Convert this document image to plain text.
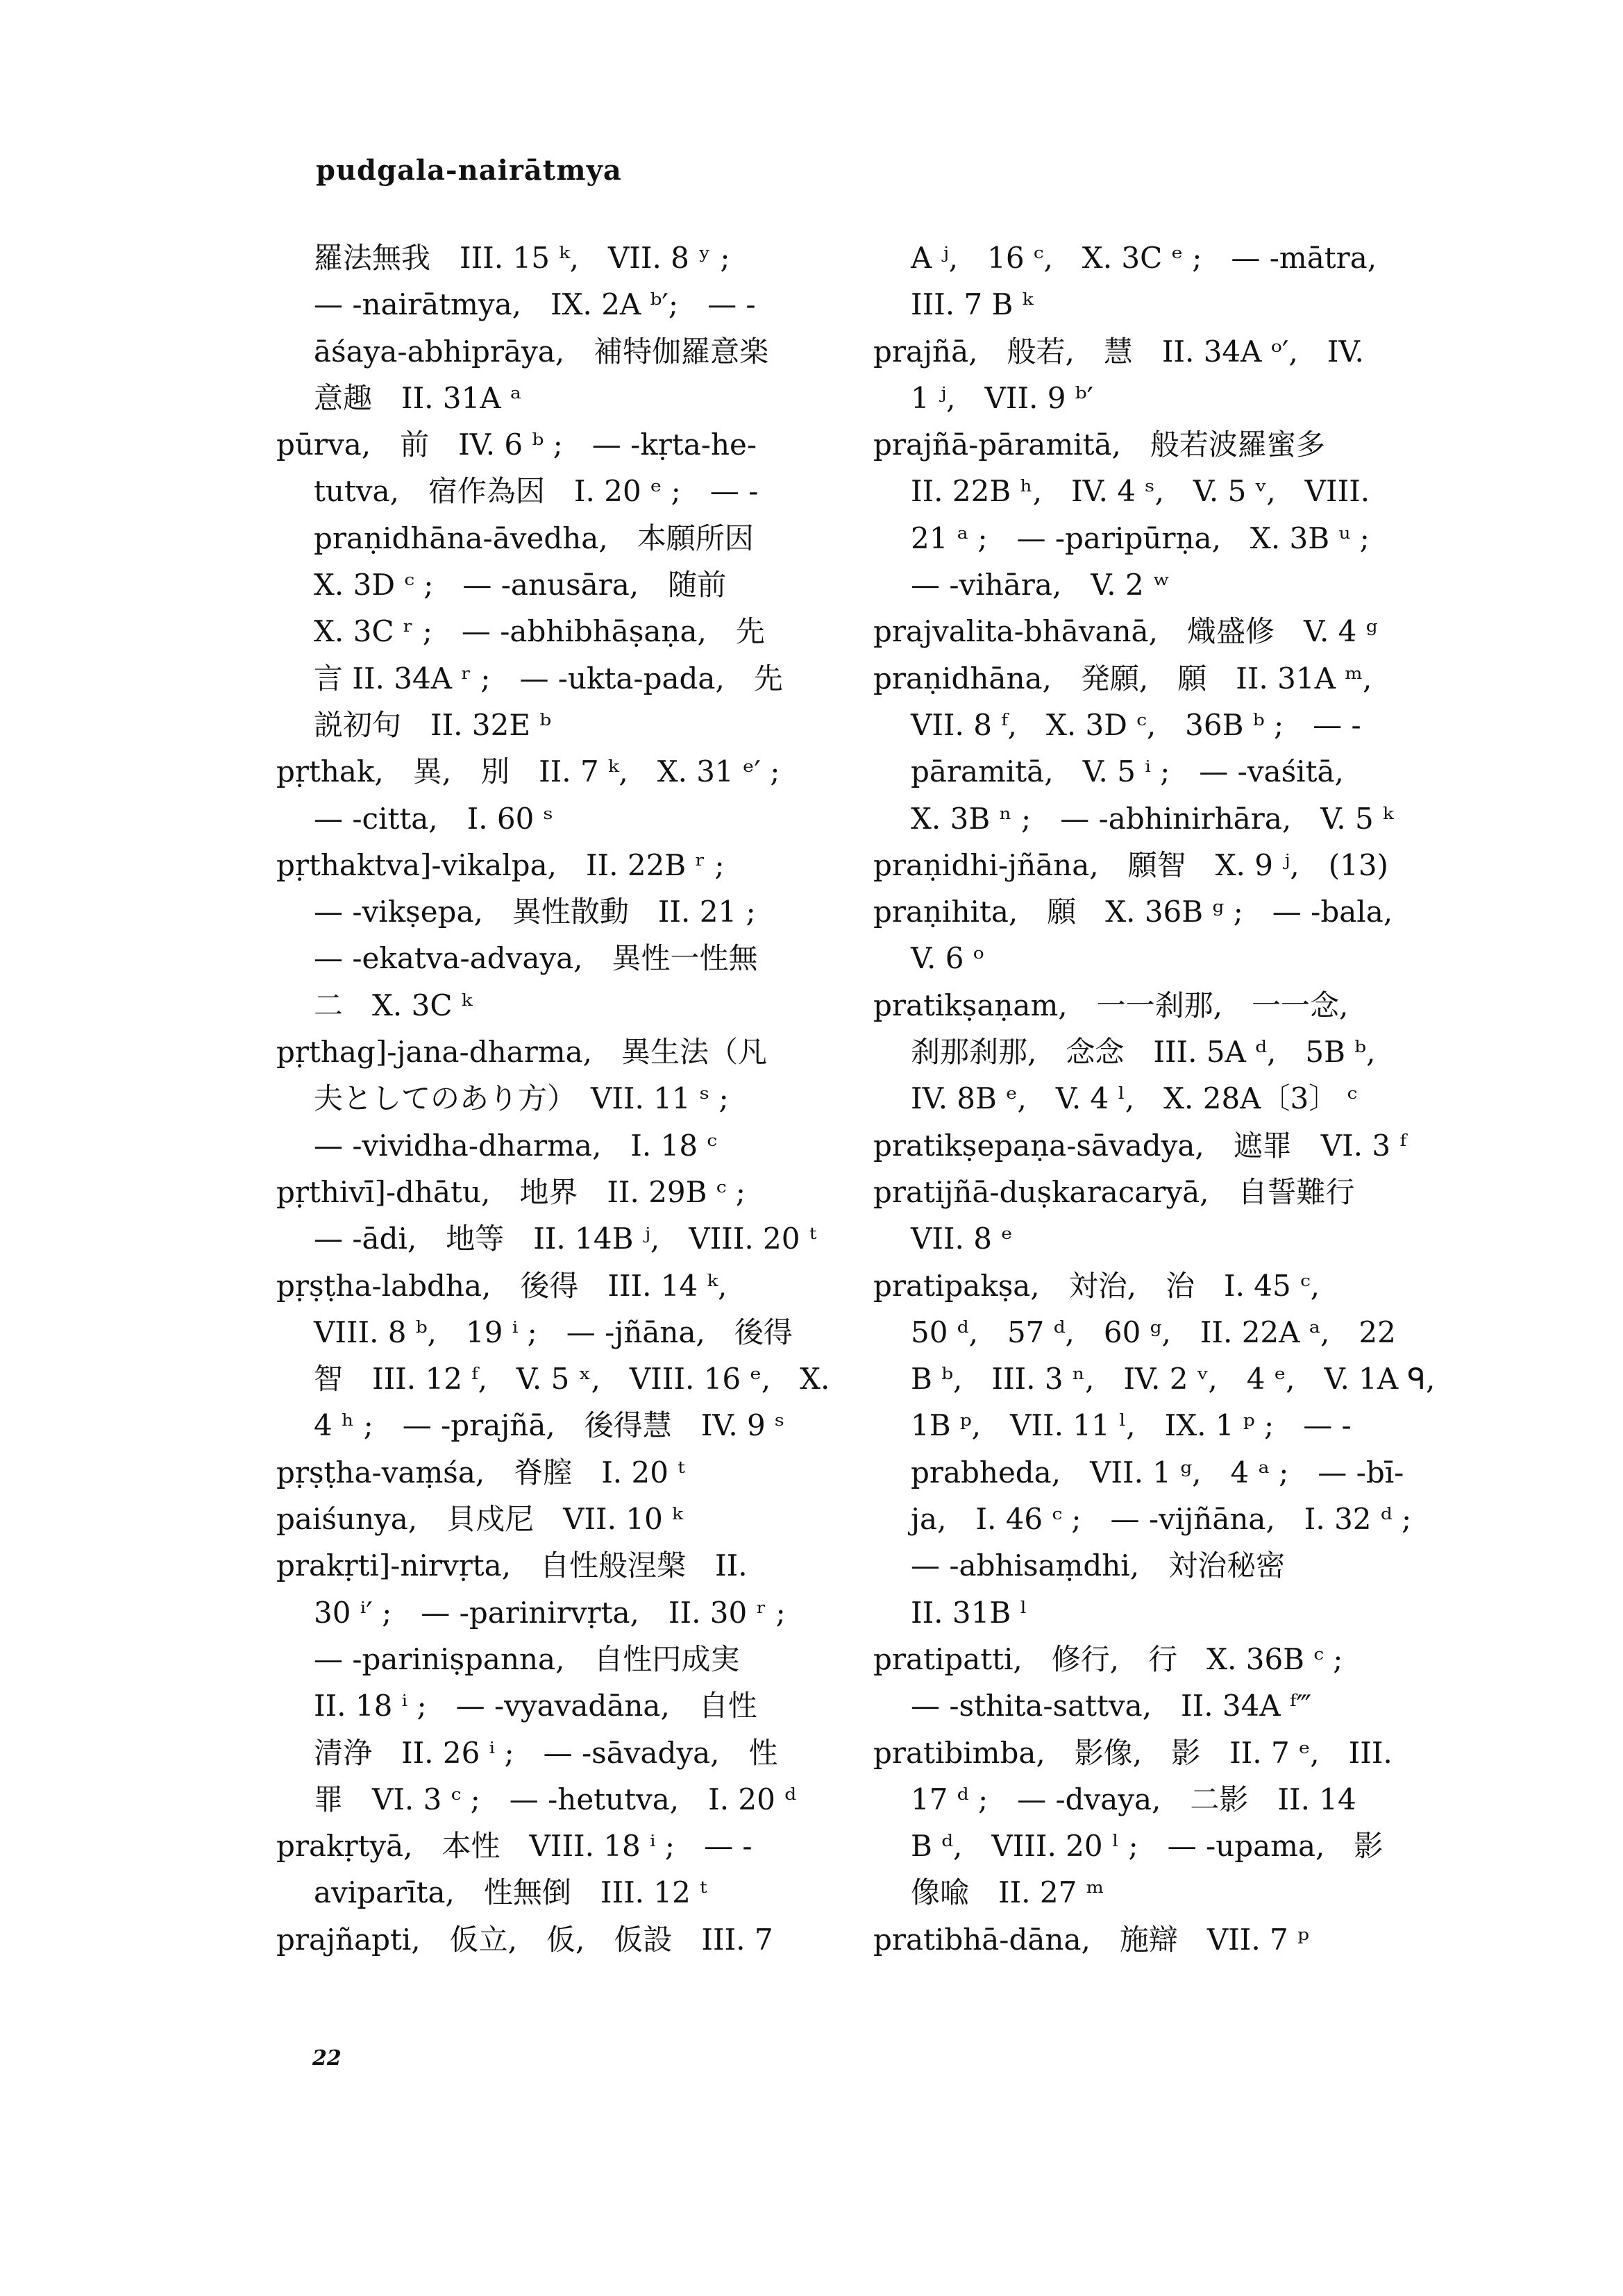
pudgala-nairātmya
羅法無我　III. 15 ᵏ,　VII. 8 ʸ ;
— -nairātmya,　IX. 2A ᵇ′;　— -
āśaya-abhiprāya,　補特伽羅意楽
意趣　II. 31A ᵃ
pūrva,　前　IV. 6 ᵇ ;　— -kṛta-he-
tutva,　宿作為因　I. 20 ᵉ ;　— -
praṇidhāna-āvedha,　本願所因
X. 3D ᶜ ;　— -anusāra,　随前
X. 3C ʳ ;　— -abhibhāṣaṇa,　先
言 II. 34A ʳ ;　— -ukta-pada,　先
説初句　II. 32E ᵇ
pṛthak,　異,　別　II. 7 ᵏ,　X. 31 ᵉ′ ;
— -citta,　I. 60 ˢ
pṛthaktva]-vikalpa,　II. 22B ʳ ;
— -vikṣepa,　異性散動　II. 21 ;
— -ekatva-advaya,　異性一性無
二　X. 3C ᵏ
pṛthag]-jana-dharma,　異生法（凡
夫としてのあり方）　VII. 11 ˢ ;
— -vividha-dharma,　I. 18 ᶜ
pṛthivī]-dhātu,　地界　II. 29B ᶜ ;
— -ādi,　地等　II. 14B ʲ,　VIII. 20 ᵗ
pṛṣṭha-labdha,　後得　III. 14 ᵏ,
VIII. 8 ᵇ,　19 ⁱ ;　— -jñāna,　後得
智　III. 12 ᶠ,　V. 5 ˣ,　VIII. 16 ᵉ,　X.
4 ʰ ;　— -prajñā,　後得慧　IV. 9 ˢ
pṛṣṭha-vaṃśa,　脊膣　I. 20 ᵗ
paiśunya,　貝戍尼　VII. 10 ᵏ
prakṛti]-nirvṛta,　自性般涅槃　II.
30 ⁱ′ ;　— -parinirvṛta,　II. 30 ʳ ;
— -pariniṣpanna,　自性円成実
II. 18 ⁱ ;　— -vyavadāna,　自性
清浄　II. 26 ⁱ ;　— -sāvadya,　性
罪　VI. 3 ᶜ ;　— -hetutva,　I. 20 ᵈ
prakṛtyā,　本性　VIII. 18 ⁱ ;　— -
aviparīta,　性無倒　III. 12 ᵗ
prajñapti,　仮立,　仮,　仮設　III. 7
A ʲ,　16 ᶜ,　X. 3C ᵉ ;　— -mātra,
III. 7 B ᵏ
prajñā,　般若,　慧　II. 34A ᵒ′,　IV.
1 ʲ,　VII. 9 ᵇ′
prajñā-pāramitā,　般若波羅蜜多
II. 22B ʰ,　IV. 4 ˢ,　V. 5 ᵛ,　VIII.
21 ᵃ ;　— -paripūrṇa,　X. 3B ᵘ ;
— -vihāra,　V. 2 ʷ
prajvalita-bhāvanā,　熾盛修　V. 4 ᵍ
praṇidhāna,　発願,　願　II. 31A ᵐ,
VII. 8 ᶠ,　X. 3D ᶜ,　36B ᵇ ;　— -
pāramitā,　V. 5 ⁱ ;　— -vaśitā,
X. 3B ⁿ ;　— -abhinirhāra,　V. 5 ᵏ
praṇidhi-jñāna,　願智　X. 9 ʲ,　(13)
praṇihita,　願　X. 36B ᵍ ;　— -bala,
V. 6 ᵒ
pratikṣaṇam,　一一刹那,　一一念,
刹那刹那,　念念　III. 5A ᵈ,　5B ᵇ,
IV. 8B ᵉ,　V. 4 ˡ,　X. 28A〔3〕 ᶜ
pratikṣepaṇa-sāvadya,　遮罪　VI. 3 ᶠ
pratijñā-duṣkaracaryā,　自誓難行
VII. 8 ᵉ
pratipakṣa,　対治,　治　I. 45 ᶜ,
50 ᵈ,　57 ᵈ,　60 ᵍ,　II. 22A ᵃ,　22
B ᵇ,　III. 3 ⁿ,　IV. 2 ᵛ,　4 ᵉ,　V. 1A ᑫ,
1B ᵖ,　VII. 11 ˡ,　IX. 1 ᵖ ;　— -
prabheda,　VII. 1 ᵍ,　4 ᵃ ;　— -bī-
ja,　I. 46 ᶜ ;　— -vijñāna,　I. 32 ᵈ ;
— -abhisaṃdhi,　対治秘密
II. 31B ˡ
pratipatti,　修行,　行　X. 36B ᶜ ;
— -sthita-sattva,　II. 34A ᶠ‴
pratibimba,　影像,　影　II. 7 ᵉ,　III.
17 ᵈ ;　— -dvaya,　二影　II. 14
B ᵈ,　VIII. 20 ˡ ;　— -upama,　影
像喩　II. 27 ᵐ
pratibhā-dāna,　施辯　VII. 7 ᵖ
22
